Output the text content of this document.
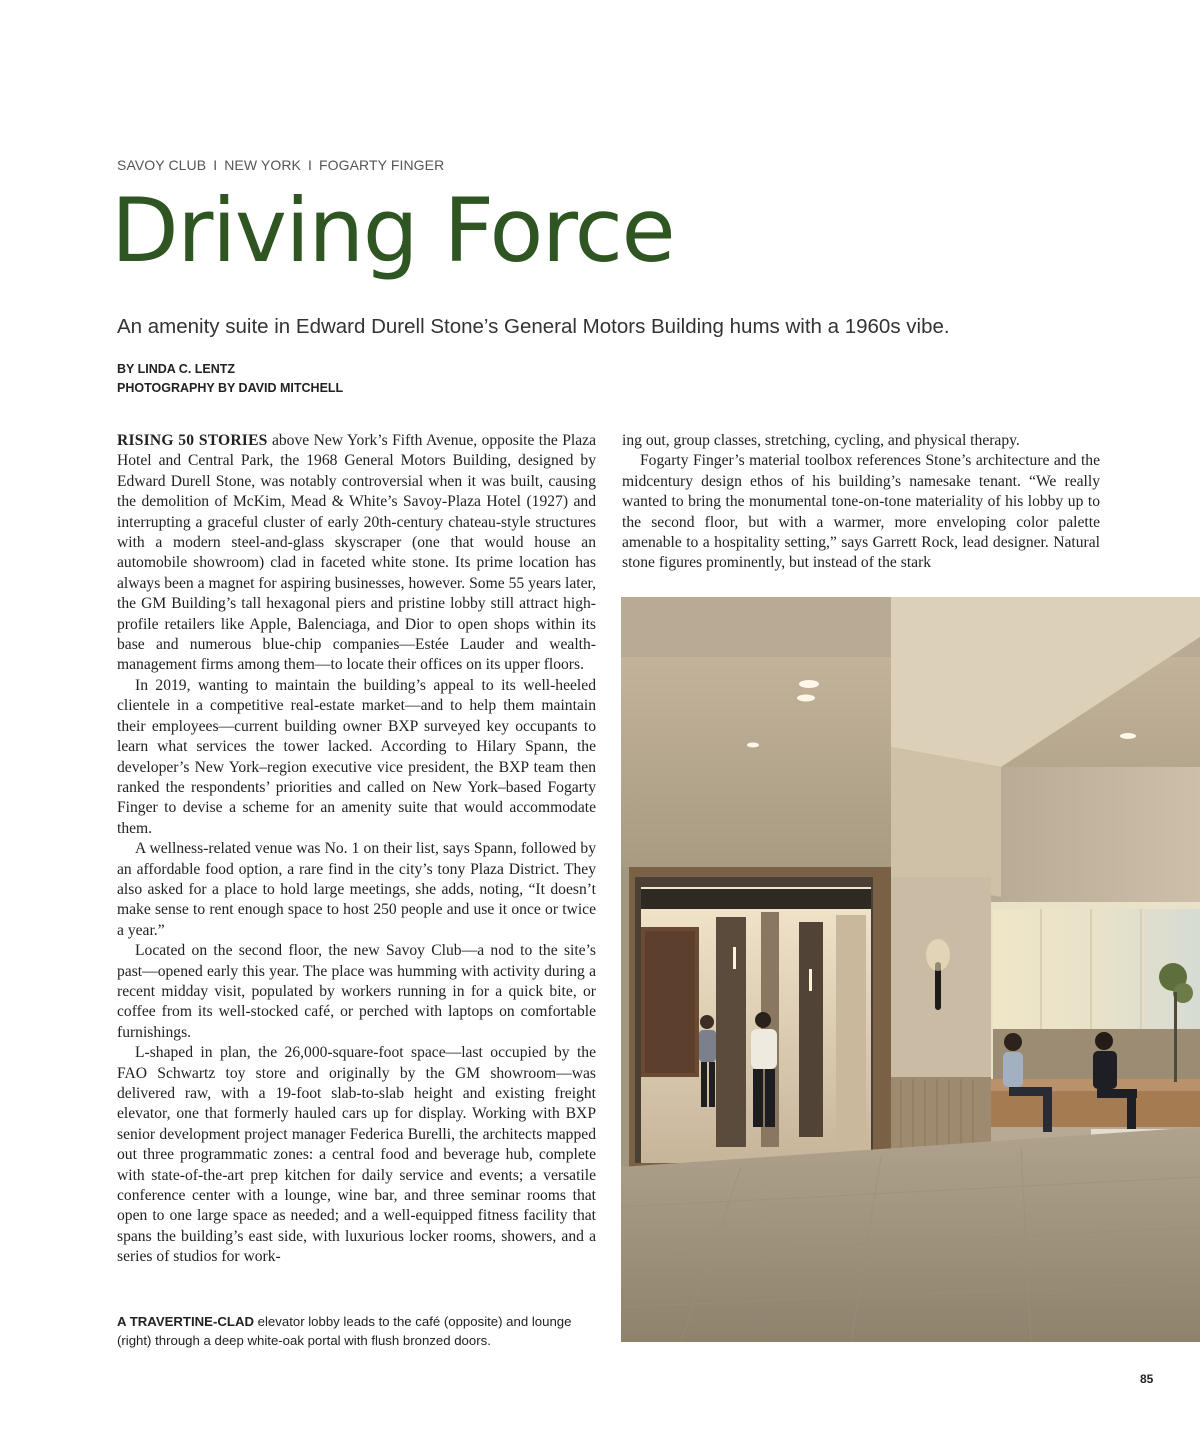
SAVOY CLUB I NEW YORK I FOGARTY FINGER
Driving Force

An amenity suite in Edward Durell Stone’s General Motors Building hums with a 1960s vibe.

BY LINDA C. LENTZ
PHOTOGRAPHY BY DAVID MITCHELL

RISING 50 STORIES above New York’s Fifth Avenue, opposite the Plaza Hotel and Central Park, the 1968 General Motors Building, designed by Edward Durell Stone, was notably controversial when it was built, causing the demolition of McKim, Mead & White’s Savoy-Plaza Hotel (1927) and interrupting a graceful cluster of early 20th-century chateau-style structures with a modern steel-and-glass skyscraper (one that would house an automobile showroom) clad in faceted white stone. Its prime location has always been a magnet for aspiring businesses, however. Some 55 years later, the GM Building’s tall hexagonal piers and pristine lobby still attract high-profile retailers like Apple, Balenciaga, and Dior to open shops within its base and numerous blue-chip companies—Estée Lauder and wealth-management firms among them—to locate their offices on its upper floors.

In 2019, wanting to maintain the building’s appeal to its well-heeled clientele in a competitive real-estate market—and to help them maintain their employees—current building owner BXP surveyed key occupants to learn what services the tower lacked. According to Hilary Spann, the developer’s New York–region executive vice president, the BXP team then ranked the respondents’ priorities and called on New York–based Fogarty Finger to devise a scheme for an amenity suite that would accommodate them.

A wellness-related venue was No. 1 on their list, says Spann, followed by an affordable food option, a rare find in the city’s tony Plaza District. They also asked for a place to hold large meetings, she adds, noting, “It doesn’t make sense to rent enough space to host 250 people and use it once or twice a year.”

Located on the second floor, the new Savoy Club—a nod to the site’s past—opened early this year. The place was humming with activity during a recent midday visit, populated by workers running in for a quick bite, or coffee from its well-stocked café, or perched with laptops on comfortable furnishings.

L-shaped in plan, the 26,000-square-foot space—last occupied by the FAO Schwartz toy store and originally by the GM showroom—was delivered raw, with a 19-foot slab-to-slab height and existing freight elevator, one that formerly hauled cars up for display. Working with BXP senior development project manager Federica Burelli, the architects mapped out three programmatic zones: a central food and beverage hub, complete with state-of-the-art prep kitchen for daily service and events; a versatile conference center with a lounge, wine bar, and three seminar rooms that open to one large space as needed; and a well-equipped fitness facility that spans the building’s east side, with luxurious locker rooms, showers, and a series of studios for work-

ing out, group classes, stretching, cycling, and physical therapy.

Fogarty Finger’s material toolbox references Stone’s architecture and the midcentury design ethos of his building’s namesake tenant. “We really wanted to bring the monumental tone-on-tone materiality of his lobby up to the second floor, but with a warmer, more enveloping color palette amenable to a hospitality setting,” says Garrett Rock, lead designer. Natural stone figures prominently, but instead of the stark

A TRAVERTINE-CLAD elevator lobby leads to the café (opposite) and lounge (right) through a deep white-oak portal with flush bronzed doors.

85
